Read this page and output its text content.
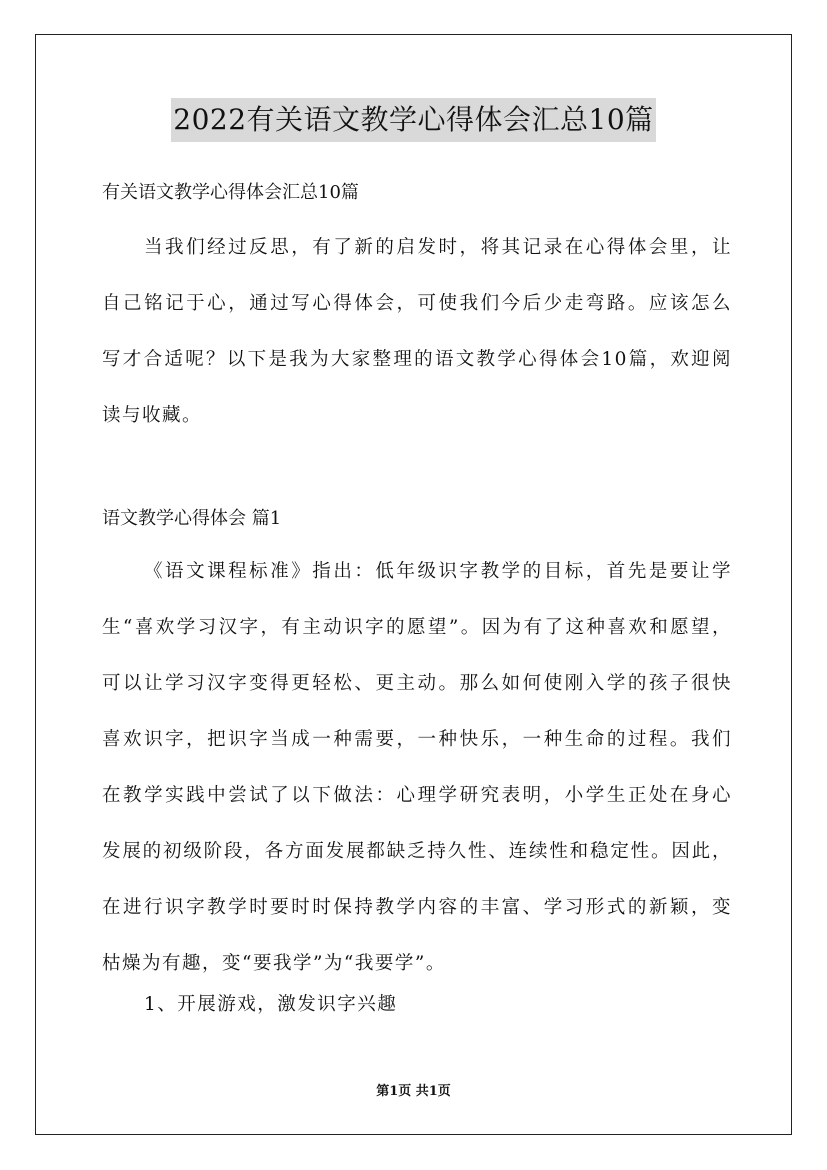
2022有关语文教学心得体会汇总10篇
有关语文教学心得体会汇总10篇
当我们经过反思，有了新的启发时，将其记录在心得体会里，让
自己铭记于心，通过写心得体会，可使我们今后少走弯路。应该怎么
写才合适呢？以下是我为大家整理的语文教学心得体会10篇，欢迎阅
读与收藏。
语文教学心得体会 篇1
《语文课程标准》指出：低年级识字教学的目标，首先是要让学
生“喜欢学习汉字，有主动识字的愿望”。因为有了这种喜欢和愿望，
可以让学习汉字变得更轻松、更主动。那么如何使刚入学的孩子很快
喜欢识字，把识字当成一种需要，一种快乐，一种生命的过程。我们
在教学实践中尝试了以下做法：心理学研究表明，小学生正处在身心
发展的初级阶段，各方面发展都缺乏持久性、连续性和稳定性。因此，
在进行识字教学时要时时保持教学内容的丰富、学习形式的新颖，变
枯燥为有趣，变“要我学”为“我要学”。
1、开展游戏，激发识字兴趣
第1页 共1页
